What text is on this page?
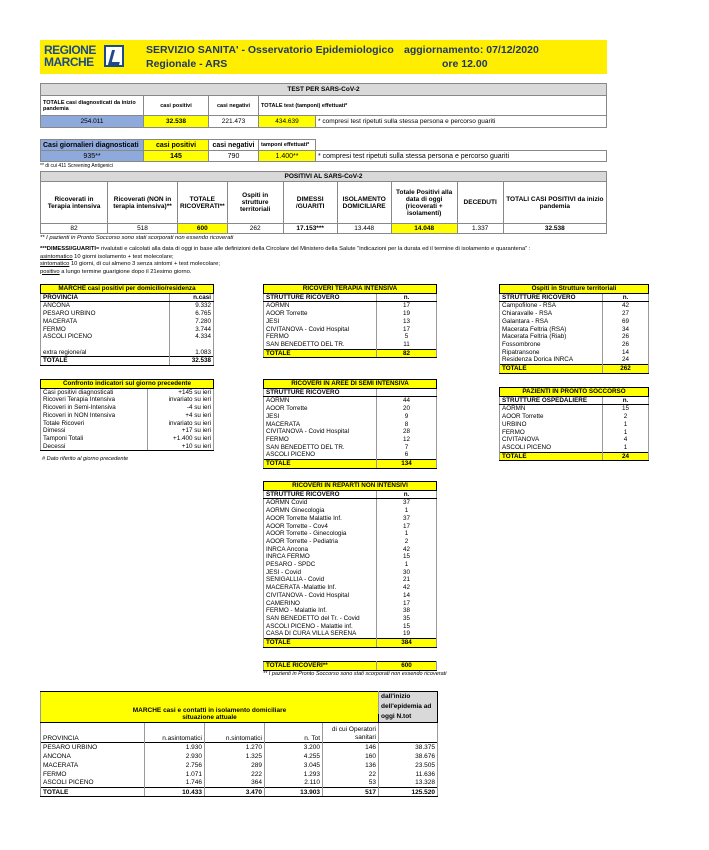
REGIONE
MARCHE
SERVIZIO SANITA' - Osservatorio Epidemiologico
Regionale - ARS
aggiornamento: 07/12/2020
ore 12.00
TEST PER SARS-CoV-2				
TOTALE casi diagnosticati da inizio pandemia	casi positivi	casi negativi	TOTALE test (tamponi) effettuati*	
254.011	32.538	221.473	434.639	* compresi test ripetuti sulla stessa persona e percorso guariti
Casi giornalieri diagnosticati	casi positivi	casi negativi	tamponi effettuati*	
935**	145	790	1.400**	* compresi test ripetuti sulla stessa persona e percorso guariti
** di cui 411 Screening Antigenici
POSITIVI AL SARS-CoV-2								
Ricoverati in Terapia intensiva	Ricoverati (NON in terapia intensiva)**	TOTALE RICOVERATI**	Ospiti in strutture territoriali	DIMESSI /GUARITI	ISOLAMENTO DOMICILIARE	Totale Positivi alla data di oggi (ricoverati + isolamenti)	DECEDUTI	TOTALI CASI POSITIVI da inizio pandemia
82	518	600	262	17.153***	13.448	14.048	1.337	32.538
** I pazienti in Pronto Soccorso sono stati scorporati non essendo ricoverati
***DIMESSI/GUARITI= rivalutati e calcolati alla data di oggi in base alle definizioni della Circolare del Ministero della Salute "indicazioni per la durata ed il termine di isolamento e quarantena" :
asintomatico 10 giorni isolamento + test molecolare;
sintomatico 10 giorni, di cui almeno 3 senza sintomi + test molecolare;
positivo a lungo termine guarigione dopo il 21esimo giorno.
MARCHE casi positivi per domicilio/residenza	
PROVINCIA	n.casi
ANCONA	9.332
PESARO URBINO	6.765
MACERATA	7.280
FERMO	3.744
ASCOLI PICENO	4.334

extra regione/al	1.083
TOTALE	32.538
Confronto indicatori sul giorno precedente	
Casi positivi diagnosticati	+145 su ieri
Ricoveri Terapia Intensiva	invariato su ieri
Ricoveri in Semi-Intensiva	-4 su ieri
Ricoveri in NON Intensiva	+4 su ieri
Totale Ricoveri	invariato su ieri
Dimessi	+17 su ieri
Tamponi Totali	+1.400 su ieri
Decessi	+10 su ieri
# Dato riferito al giorno precedente
RICOVERI TERAPIA INTENSIVA	
STRUTTURE RICOVERO	n.
AORMN	17
AOOR Torrette	19
JESI	13
CIVITANOVA - Covid Hospital	17
FERMO	5
SAN BENEDETTO DEL TR.	11
TOTALE	82
RICOVERI IN AREE DI SEMI INTENSIVA	
STRUTTURE RICOVERO	
AORMN	44
AOOR Torrette	20
JESI	9
MACERATA	8
CIVITANOVA - Covid Hospital	28
FERMO	12
SAN BENEDETTO DEL TR.	7
ASCOLI PICENO	6
TOTALE	134
RICOVERI IN REPARTI NON INTENSIVI	
STRUTTURE RICOVERO	n.
AORMN Covid	37
AORMN Ginecologia	1
AOOR Torrette Malattie Inf.	37
AOOR Torrette - Cov4	17
AOOR Torrette - Ginecologia	1
AOOR Torrette - Pediatria	2
INRCA Ancona	42
INRCA FERMO	15
PESARO - SPDC	1
JESI - Covid	30
SENIGALLIA - Covid	21
MACERATA -Malattie Inf.	42
CIVITANOVA - Covid Hospital	14
CAMERINO	17
FERMO - Malattie Inf.	38
SAN BENEDETTO del Tr. - Covid	35
ASCOLI PICENO - Malattie inf.	15
CASA DI CURA VILLA SERENA	19
TOTALE	384
TOTALE RICOVERI**	600
** I pazienti in Pronto Soccorso sono stati scorporati non essendo ricoverati
Ospiti in Strutture territoriali	
STRUTTURE RICOVERO	n.
Campofilone - RSA	42
Chiaravalle - RSA	27
Galantara - RSA	69
Macerata Feltria (RSA)	34
Macerata Feltria (Riab)	26
Fossombrone	26
Ripatransone	14
Residenza Dorica INRCA	24
TOTALE	262
PAZIENTI IN PRONTO SOCCORSO	
STRUTTURE OSPEDALIERE	n.
AORMN	15
AOOR Torrette	2
URBINO	1
FERMO	1
CIVITANOVA	4
ASCOLI PICENO	1
TOTALE	24
MARCHE casi e contatti in isolamento domiciliare					dall'inizio dell'epidemia ad oggi N.tot

situazione attuale					
PROVINCIA	n.asintomatici	n.sintomatici	n. Tot	di cui Operatori sanitari	
PESARO URBINO	1.930	1.270	3.200	146	38.375
ANCONA	2.930	1.325	4.255	160	38.676
MACERATA	2.756	289	3.045	136	23.505
FERMO	1.071	222	1.293	22	11.636
ASCOLI PICENO	1.746	364	2.110	53	13.328
TOTALE	10.433	3.470	13.903	517	125.520
